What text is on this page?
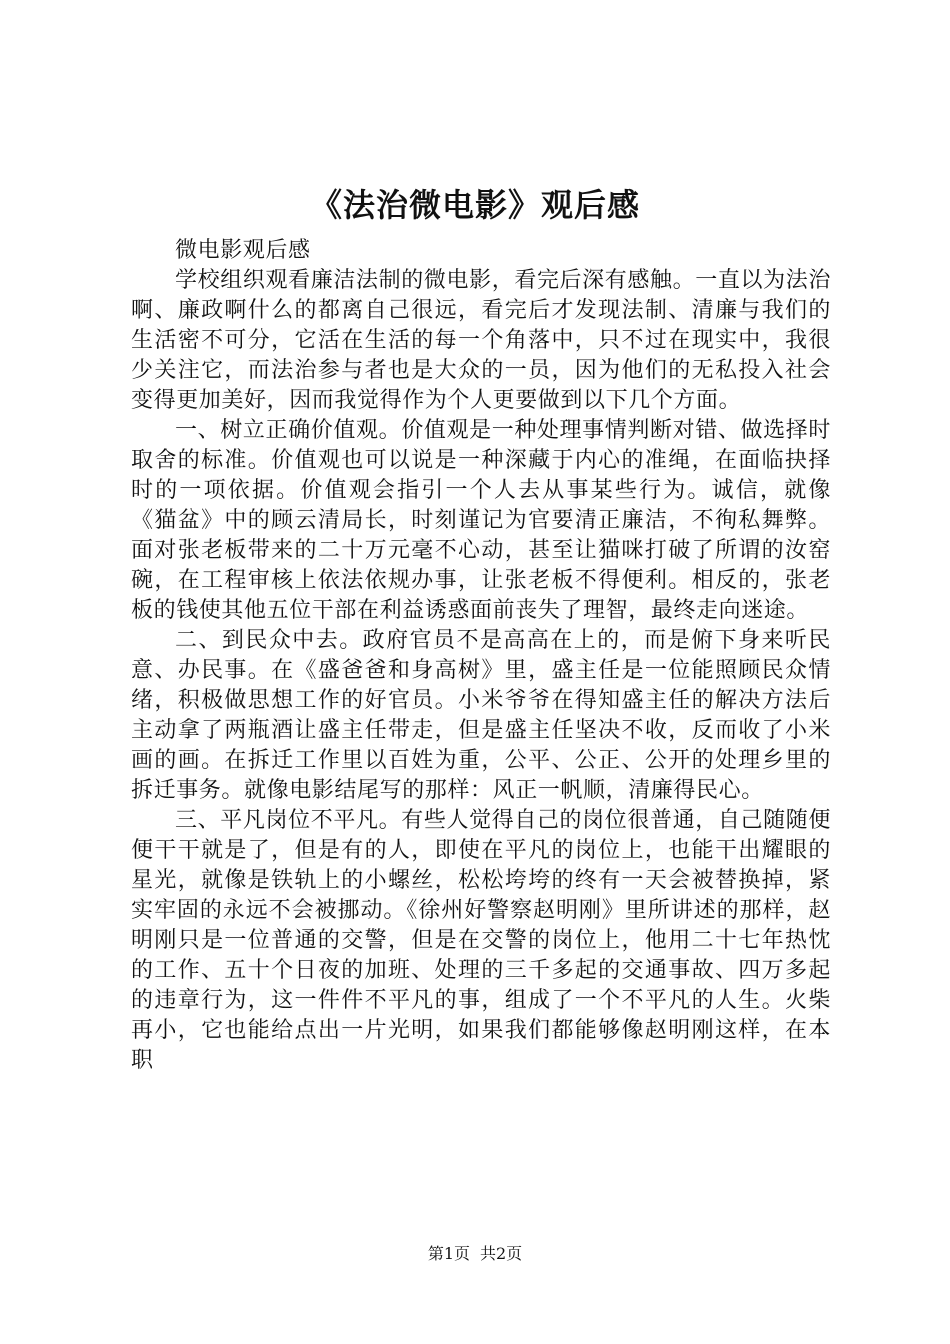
《法治微电影》观后感

微电影观后感

学校组织观看廉洁法制的微电影，看完后深有感触。一直以为法治啊、廉政啊什么的都离自己很远，看完后才发现法制、清廉与我们的生活密不可分，它活在生活的每一个角落中，只不过在现实中，我很少关注它，而法治参与者也是大众的一员，因为他们的无私投入社会变得更加美好，因而我觉得作为个人更要做到以下几个方面。

一、树立正确价值观。价值观是一种处理事情判断对错、做选择时取舍的标准。价值观也可以说是一种深藏于内心的准绳，在面临抉择时的一项依据。价值观会指引一个人去从事某些行为。诚信，就像《猫盆》中的顾云清局长，时刻谨记为官要清正廉洁，不徇私舞弊。面对张老板带来的二十万元毫不心动，甚至让猫咪打破了所谓的汝窑碗，在工程审核上依法依规办事，让张老板不得便利。相反的，张老板的钱使其他五位干部在利益诱惑面前丧失了理智，最终走向迷途。

二、到民众中去。政府官员不是高高在上的，而是俯下身来听民意、办民事。在《盛爸爸和身高树》里，盛主任是一位能照顾民众情绪，积极做思想工作的好官员。小米爷爷在得知盛主任的解决方法后主动拿了两瓶酒让盛主任带走，但是盛主任坚决不收，反而收了小米画的画。在拆迁工作里以百姓为重，公平、公正、公开的处理乡里的拆迁事务。就像电影结尾写的那样：风正一帆顺，清廉得民心。

三、平凡岗位不平凡。有些人觉得自己的岗位很普通，自己随随便便干干就是了，但是有的人，即使在平凡的岗位上，也能干出耀眼的星光，就像是铁轨上的小螺丝，松松垮垮的终有一天会被替换掉，紧实牢固的永远不会被挪动。《徐州好警察赵明刚》里所讲述的那样，赵明刚只是一位普通的交警，但是在交警的岗位上，他用二十七年热忱的工作、五十个日夜的加班、处理的三千多起的交通事故、四万多起的违章行为，这一件件不平凡的事，组成了一个不平凡的人生。火柴再小，它也能给点出一片光明，如果我们都能够像赵明刚这样，在本职

第1页 共2页
